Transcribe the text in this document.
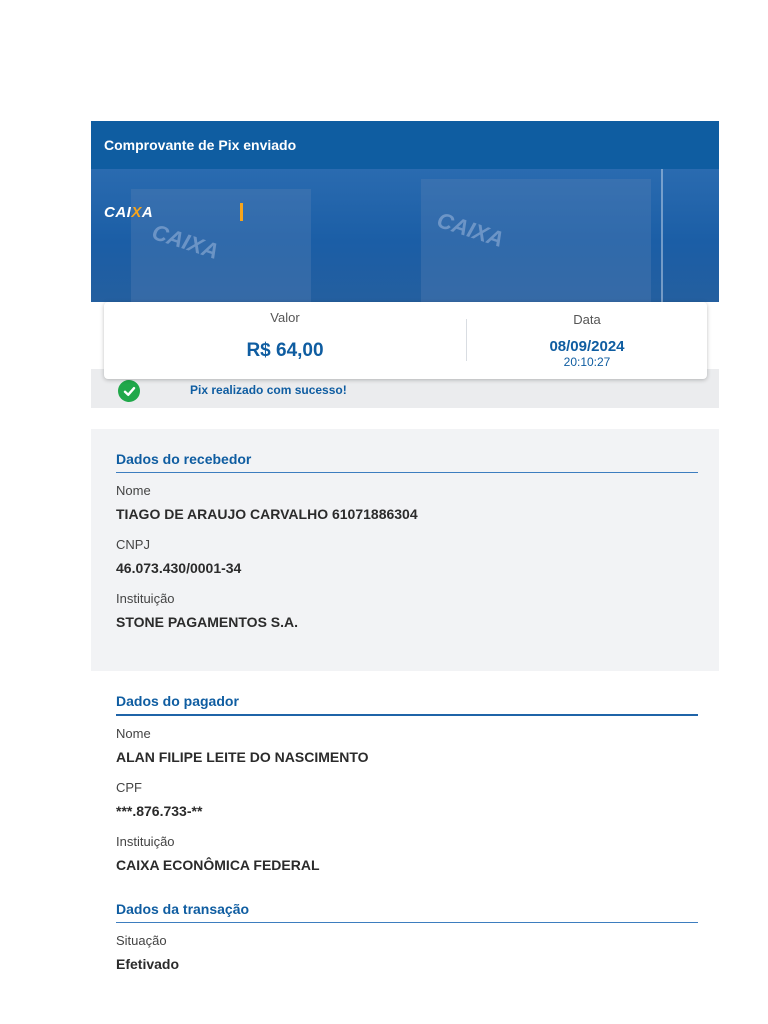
Comprovante de Pix enviado
CAIXA	CAIXA
CAIXA
Valor
R$ 64,00
Data
08/09/2024
20:10:27
Pix realizado com sucesso!
Dados do recebedor
Nome
TIAGO DE ARAUJO CARVALHO 61071886304
CNPJ
46.073.430/0001-34
Instituição
STONE PAGAMENTOS S.A.
Dados do pagador
Nome
ALAN FILIPE LEITE DO NASCIMENTO
CPF
***.876.733-**
Instituição
CAIXA ECONÔMICA FEDERAL
Dados da transação
Situação
Efetivado
